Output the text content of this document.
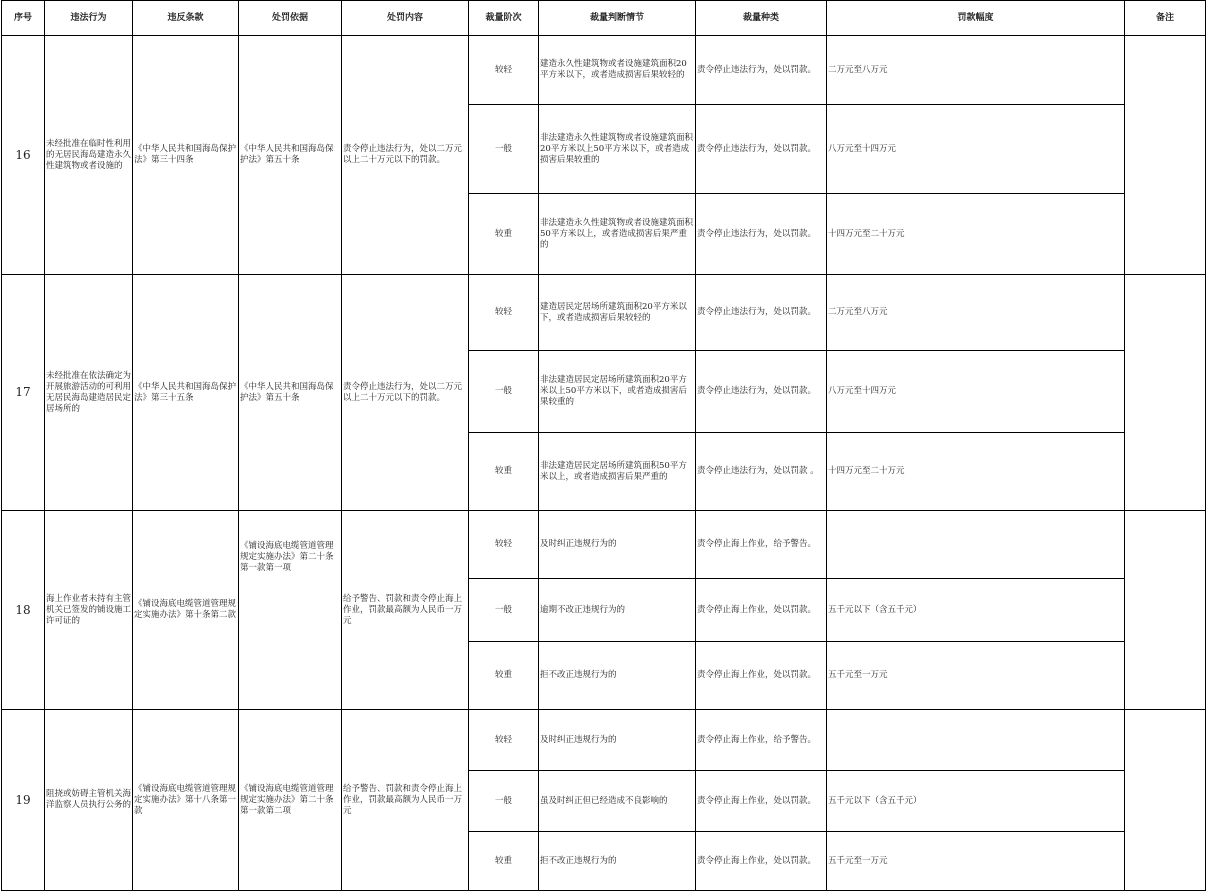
序号	违法行为	违反条款	处罚依据	处罚内容	裁量阶次	裁量判断情节	裁量种类	罚款幅度	备注
16	未经批准在临时性利用的无居民海岛建造永久性建筑物或者设施的	《中华人民共和国海岛保护法》第三十四条	《中华人民共和国海岛保护法》第五十条	责令停止违法行为，处以二万元以上二十万元以下的罚款。	较轻	建造永久性建筑物或者设施建筑面积20平方米以下，或者造成损害后果较轻的	责令停止违法行为，处以罚款。	二万元至八万元	
					一般	非法建造永久性建筑物或者设施建筑面积20平方米以上50平方米以下，或者造成损害后果较重的	责令停止违法行为，处以罚款。	八万元至十四万元	
					较重	非法建造永久性建筑物或者设施建筑面积50平方米以上，或者造成损害后果严重的	责令停止违法行为，处以罚款。	十四万元至二十万元	
17	未经批准在依法确定为开展旅游活动的可利用无居民海岛建造居民定居场所的	《中华人民共和国海岛保护法》第三十五条	《中华人民共和国海岛保护法》第五十条	责令停止违法行为，处以二万元以上二十万元以下的罚款。	较轻	建造居民定居场所建筑面积20平方米以下，或者造成损害后果较轻的	责令停止违法行为，处以罚款。	二万元至八万元	
					一般	非法建造居民定居场所建筑面积20平方米以上50平方米以下，或者造成损害后果较重的	责令停止违法行为，处以罚款。	八万元至十四万元	
					较重	非法建造居民定居场所建筑面积50平方米以上，或者造成损害后果严重的	责令停止违法行为，处以罚款 。	十四万元至二十万元	
18	海上作业者未持有主管机关已签发的铺设施工许可证的	《铺设海底电缆管道管理规定实施办法》第十条第二款	《铺设海底电缆管道管理规定实施办法》第二十条第一款第一项	给予警告、罚款和责令停止海上作业，罚款最高额为人民币一万元	较轻	及时纠正违规行为的	责令停止海上作业，给予警告。		
					一般	逾期不改正违规行为的	责令停止海上作业，处以罚款。	五千元以下（含五千元）	
					较重	拒不改正违规行为的	责令停止海上作业，处以罚款。	五千元至一万元	
19	阻挠或妨碍主管机关海洋监察人员执行公务的	《铺设海底电缆管道管理规定实施办法》第十八条第一款	《铺设海底电缆管道管理规定实施办法》第二十条第一款第二项	给予警告、罚款和责令停止海上作业，罚款最高额为人民币一万元	较轻	及时纠正违规行为的	责令停止海上作业，给予警告。		
					一般	虽及时纠正但已经造成不良影响的	责令停止海上作业，处以罚款。	五千元以下（含五千元）	
					较重	拒不改正违规行为的	责令停止海上作业，处以罚款。	五千元至一万元	
